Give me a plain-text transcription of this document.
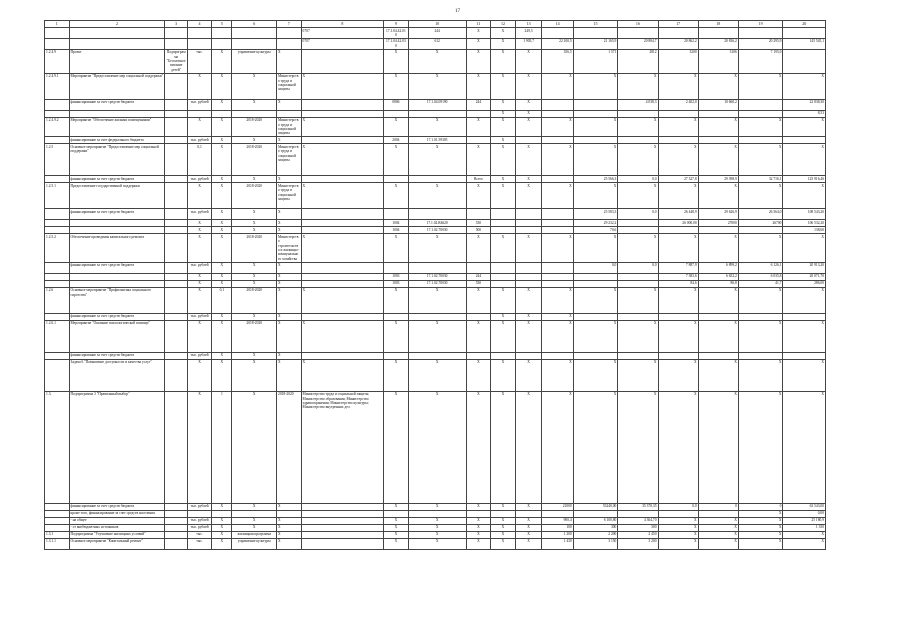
17
1	2	3	4	5	6	7	8	9	10	11	12	13	14	15	16	17	18	19	20
							0707	17.1.04.42.010	244	X	X	249,5							
							0707	17.1.04.42.030	612	X	X	1 905,7	22 100,5	21 165,9	20 884,7	20 862,2	20 836,2	20 295,9	145 545,1
1.2.4.9	Проект	Подпрограмма "Бесплатное питание детей"	тыс.	X	управление культуры	X		X	X	X	X	X	356,5	1 571	2812	3200	3106	7 195,0	
1.2.4.9.1	Мероприятие "Предоставление мер социальной поддержки"		X	X	X	Министерство труда и социальной защиты	X	X	X	X	X	X	X	X	X	X	X	X	X
	финансирование за счет средств бюджета		тыс. рублей	X	X	X		0806	17.1.04.09190	244	X	X			4 038,3	2 402,0	10 660,2		22 838,30
											X	X							8,53
1.2.4.9.2	Мероприятие "Обеспечение жилыми помещениями"		X	X	2018-2020	Министерство труда и социальной защиты	X	X	X	X	X	X	X	X	X	X	X	X	X
	финансирование за счет федерального бюджета		тыс. рублей	X	X	X		2004	17.1.01.59305		X								
1.2.5	Основное мероприятие "Предоставление мер социальной поддержки"		0,1	X	2018-2020	Министерство труда и социальной защиты	X	X	X	X	X	X	X	X	X	X	X	X	X
	финансирование за счет средств бюджета		тыс. рублей	X	X	X				Всего	X	X		25 566,3	0,0	27 327,8	29 398,9	32 716,1	125 916,46
1.2.5.1	Предоставление государственной поддержки		X	X	2018-2020	Министерство труда и социальной защиты	X	X	X	X	X	X	X	X	X	X	X	X	X
	финансирование за счет средств бюджета		тыс. рублей	X	X	X								25 583,3	0,0	26 448,9	29 626,9	26 564,0	108 543,20
			X	X	X	X		1004	17.1.02.R4620	530				29 232,2		26 000,00	27000	26700	106 532,20
			X	X	X	X		1004	17.1.02.70030	500				70,6					138,60
1.2.5.2	Обеспечение проведения капитального ремонта		X	X	2018-2020	Министерство строительства и жилищно-коммунального хозяйства	X	X	X	X	X	X	X	X	X	X	X	X	X
	финансирование за счет средств бюджета		тыс. рублей	X	X	X								0,0	0,0	7 887,9	6 899,2	6 126,1	20 913,20
			X	X	X	X		1003	17.1.02.70030	244						7 383,6	6 652,2	6 035,8	20 071,70
			X	X	X	X		1003	17.1.02.70030	530						84,6	86,8	41,7	286,00
1.2.6	Основное мероприятие "Профилактика социального сиротства"		X	0,1	2018-2020	X	X	X	X	X	X	X	X	X	X	X	X	X	X
	финансирование за счет средств бюджета		тыс. рублей	X	X	X					X	X	X						
1.2.6.1	Мероприятие "Оказание психологической помощи"		X	X	2018-2020	X	X	X	X	X	X	X	X	X	X	X	X	X	X
	финансирование за счет средств бюджета		тыс. рублей	X	X	X													
	Задача 6 "Повышение доступности и качества услуг"		X	X	X	X	X	X	X	X	X	X	X	X	X	X	X	X	X
1.3.	Подпрограмма 3 "Правильный выбор"		X	1	X	2018-2020	Министерство труда и социальной защиты; Министерство образования; Министерство здравоохранения; Министерство культуры; Министерство внутренних дел	X	X	X	X	X	X	X	X	X	X	X	X
	финансирование за счет средств бюджета		тыс. рублей	X	X	X		X	X	X	X	X	21000	53240,00	35 370,35	0,0	0	0	63 543,00
	кроме того, финансирование за счет средств населения																	X	0,00
	- на общее		тыс. рублей	X	X	X		X	X	X	X	X	900,4	6 100,80	4 364,70	X	X	X	25 180,9
	- от внебюджетных источников		тыс. рублей	X	X	X		X	X	X	X	X	100	300	300	X	X	X	1 350
1.3.1	Подпрограмма "Улучшение жилищных условий"		тыс.	X	жилищная программа	X		X	X	X	X	X	1 200	2 200	2 450	X	X	X	X
1.3.1.1	Основное мероприятие "Капитальный ремонт"		тыс.	X	управление культуры	X		X	X	X	X	X	1 430	3 150	3 200	X	X	X	X
